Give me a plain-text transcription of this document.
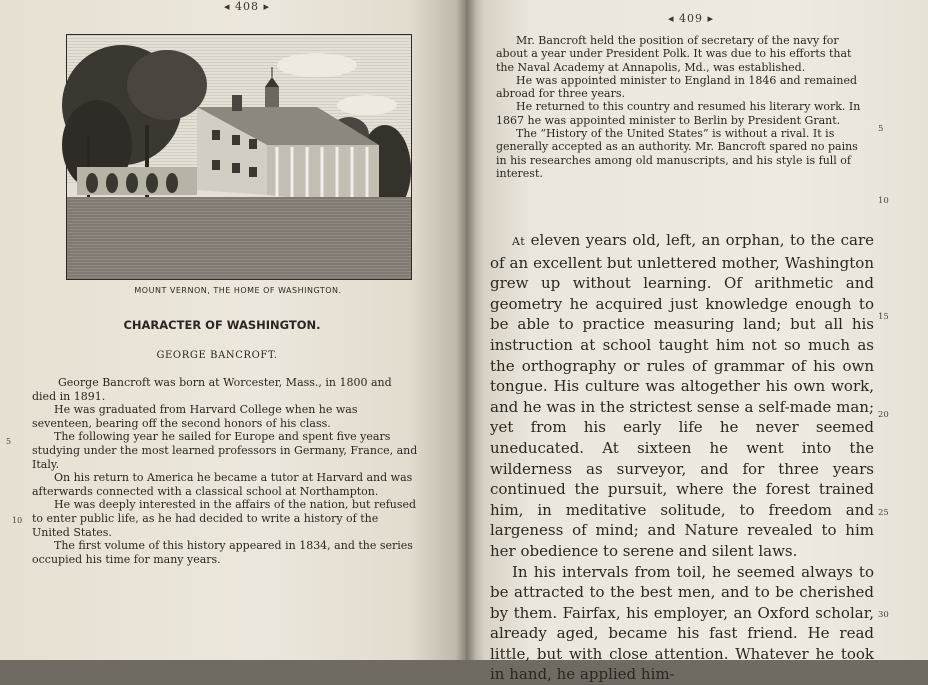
◂ 408 ▸
MOUNT VERNON, THE HOME OF WASHINGTON.
CHARACTER OF WASHINGTON.
GEORGE BANCROFT.

George Bancroft was born at Worcester, Mass., in 1800 and died in 1891.

He was graduated from Harvard College when he was seventeen, bearing off the second honors of his class.

The following year he sailed for Europe and spent five years studying under the most learned professors in Germany, France, and Italy.

On his return to America he became a tutor at Harvard and was afterwards connected with a classical school at Northampton.

He was deeply interested in the affairs of the nation, but refused to enter public life, as he had decided to write a history of the United States.

The first volume of this history appeared in 1834, and the series occupied his time for many years.

5
10
◂ 409 ▸

Mr. Bancroft held the position of secretary of the navy for about a year under President Polk. It was due to his efforts that the Naval Academy at Annapolis, Md., was established.

He was appointed minister to England in 1846 and remained abroad for three years.

He returned to this country and resumed his literary work. In 1867 he was appointed minister to Berlin by President Grant.

The “History of the United States” is without a rival. It is generally accepted as an authority. Mr. Bancroft spared no pains in his researches among old manuscripts, and his style is full of interest.

At eleven years old, left, an orphan, to the care of an excellent but unlettered mother, Washington grew up without learning. Of arithmetic and geometry he acquired just knowledge enough to be able to practice measuring land; but all his instruction at school taught him not so much as the orthography or rules of grammar of his own tongue. His culture was altogether his own work, and he was in the strictest sense a self-made man; yet from his early life he never seemed uneducated. At sixteen he went into the wilderness as surveyor, and for three years continued the pursuit, where the forest trained him, in meditative solitude, to freedom and largeness of mind; and Nature revealed to him her obedience to serene and silent laws.

In his intervals from toil, he seemed always to be attracted to the best men, and to be cherished by them. Fairfax, his employer, an Oxford scholar, already aged, became his fast friend. He read little, but with close attention. Whatever he took in hand, he applied him-

5
10
15
20
25
30
